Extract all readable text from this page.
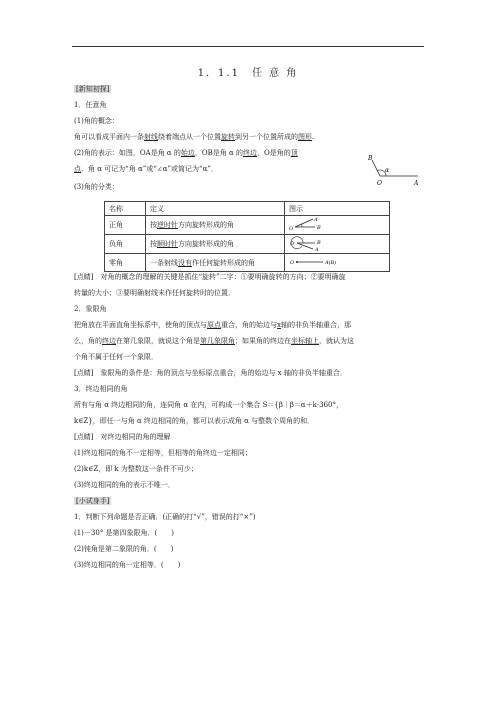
1．1.1　任 意 角
[新知初探]
1．任意角
(1)角的概念：
角可以看成平面内一条射线绕着端点从一个位置旋转到另一个位置所成的图形.
(2)角的表示：如图，OA是角 α 的始边，OB是角 α 的终边，O是角的顶
点．角 α 可记为“角 α”或“∠α”或简记为“α”．
B
O
α
A
(3)角的分类：
名称	定义	图示
正角	按逆时针方向旋转形成的角	A
O B

负角	按顺时针方向旋转形成的角	O B
A

零角	一条射线没有作任何旋转形成的角	O A(B)
[点睛]　对角的概念的理解的关键是抓住“旋转”二字：①要明确旋转的方向；②要明确旋
转量的大小；③要明确射线未作任何旋转时的位置．
2．象限角
把角放在平面直角坐标系中，使角的顶点与原点重合，角的始边与x轴的非负半轴重合，那
么，角的终边在第几象限，就说这个角是第几象限角；如果角的终边在坐标轴上，就认为这
个角不属于任何一个象限．
[点睛]　象限角的条件是：角的顶点与坐标原点重合，角的始边与 x 轴的非负半轴重合．
3．终边相同的角
所有与角 α 终边相同的角，连同角 α 在内，可构成一个集合 S＝{β｜β＝α＋k·360°，
k∈Z}，即任一与角 α 终边相同的角，都可以表示成角 α 与整数个周角的和．
[点睛]　对终边相同的角的理解
(1)终边相同的角不一定相等，但相等的角终边一定相同；
(2)k∈Z，即 k 为整数这一条件不可少；
(3)终边相同的角的表示不唯一．
[小试身手]
1．判断下列命题是否正确．(正确的打“√”，错误的打“×”)
(1)－30° 是第四象限角．(　　)
(2)钝角是第二象限的角．(　　)
(3)终边相同的角一定相等．(　　)
